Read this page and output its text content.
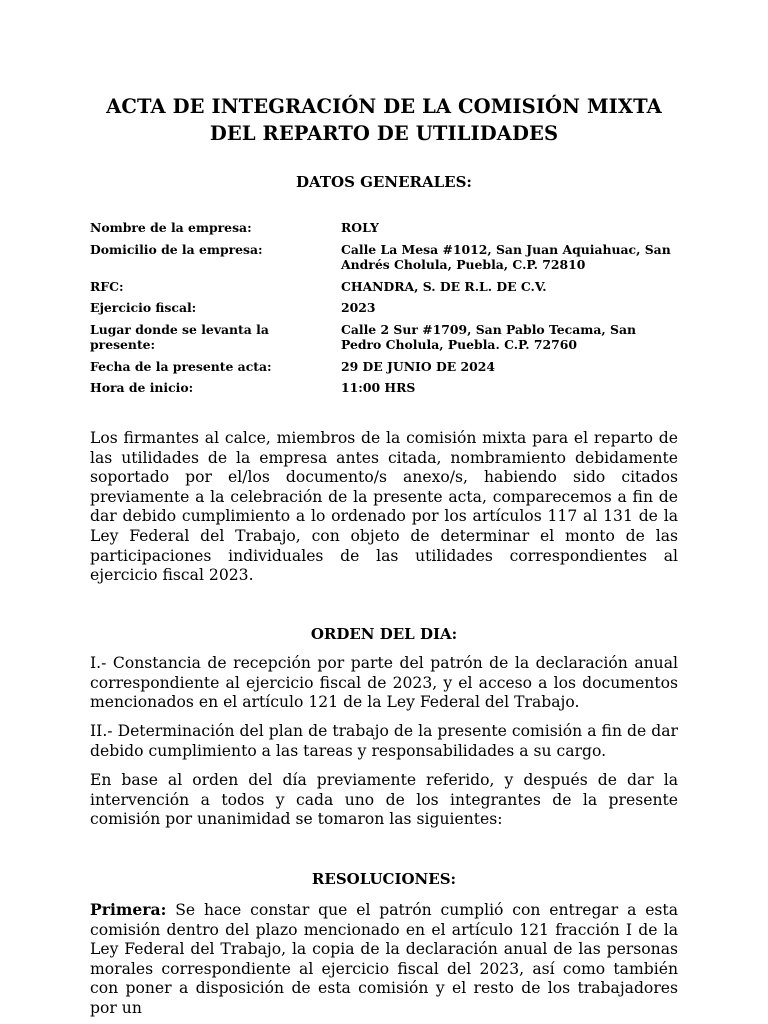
ACTA DE INTEGRACIÓN DE LA COMISIÓN MIXTA
DEL REPARTO DE UTILIDADES
DATOS GENERALES:
Nombre de la empresa:	ROLY
Domicilio de la empresa:	Calle La Mesa #1012, San Juan Aquiahuac, San Andrés Cholula, Puebla, C.P. 72810
RFC:	CHANDRA, S. DE R.L. DE C.V.
Ejercicio fiscal:	2023
Lugar donde se levanta la presente:	Calle 2 Sur #1709, San Pablo Tecama, San Pedro Cholula, Puebla. C.P. 72760
Fecha de la presente acta:	29 DE JUNIO DE 2024
Hora de inicio:	11:00 HRS

Los firmantes al calce, miembros de la comisión mixta para el reparto de las utilidades de la empresa antes citada, nombramiento debidamente soportado por el/los documento/s anexo/s, habiendo sido citados previamente a la celebración de la presente acta, comparecemos a fin de dar debido cumplimiento a lo ordenado por los artículos 117 al 131 de la Ley Federal del Trabajo, con objeto de determinar el monto de las participaciones individuales de las utilidades correspondientes al ejercicio fiscal 2023.

ORDEN DEL DIA:

I.- Constancia de recepción por parte del patrón de la declaración anual correspondiente al ejercicio fiscal de 2023, y el acceso a los documentos mencionados en el artículo 121 de la Ley Federal del Trabajo.

II.- Determinación del plan de trabajo de la presente comisión a fin de dar debido cumplimiento a las tareas y responsabilidades a su cargo.

En base al orden del día previamente referido, y después de dar la intervención a todos y cada uno de los integrantes de la presente comisión por unanimidad se tomaron las siguientes:

RESOLUCIONES:

Primera: Se hace constar que el patrón cumplió con entregar a esta comisión dentro del plazo mencionado en el artículo 121 fracción I de la Ley Federal del Trabajo, la copia de la declaración anual de las personas morales correspondiente al ejercicio fiscal del 2023, así como también con poner a disposición de esta comisión y el resto de los trabajadores por un
